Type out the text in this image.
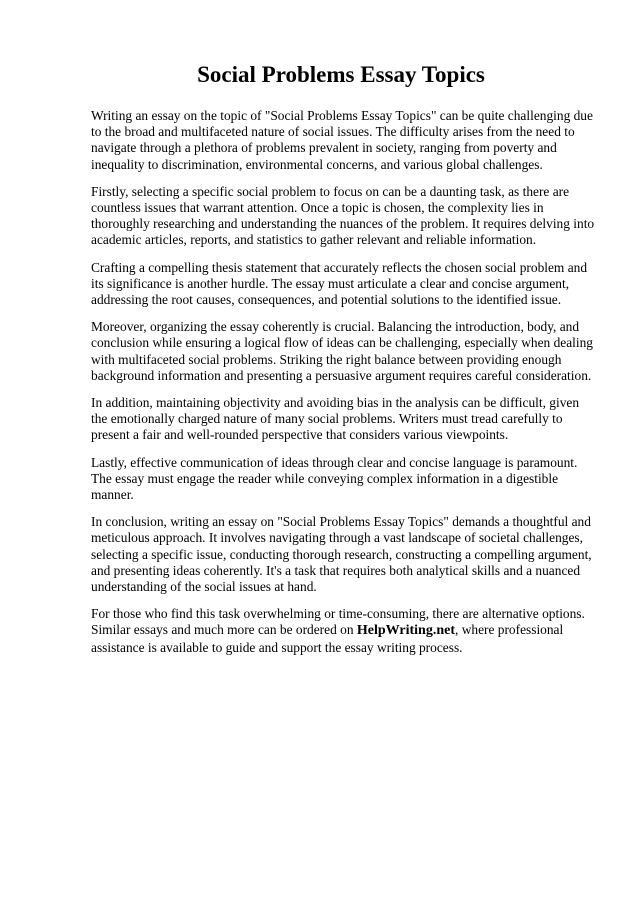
Social Problems Essay Topics

Writing an essay on the topic of "Social Problems Essay Topics" can be quite challenging due to the broad and multifaceted nature of social issues. The difficulty arises from the need to navigate through a plethora of problems prevalent in society, ranging from poverty and inequality to discrimination, environmental concerns, and various global challenges.

Firstly, selecting a specific social problem to focus on can be a daunting task, as there are countless issues that warrant attention. Once a topic is chosen, the complexity lies in thoroughly researching and understanding the nuances of the problem. It requires delving into academic articles, reports, and statistics to gather relevant and reliable information.

Crafting a compelling thesis statement that accurately reflects the chosen social problem and its significance is another hurdle. The essay must articulate a clear and concise argument, addressing the root causes, consequences, and potential solutions to the identified issue.

Moreover, organizing the essay coherently is crucial. Balancing the introduction, body, and conclusion while ensuring a logical flow of ideas can be challenging, especially when dealing with multifaceted social problems. Striking the right balance between providing enough background information and presenting a persuasive argument requires careful consideration.

In addition, maintaining objectivity and avoiding bias in the analysis can be difficult, given the emotionally charged nature of many social problems. Writers must tread carefully to present a fair and well-rounded perspective that considers various viewpoints.

Lastly, effective communication of ideas through clear and concise language is paramount. The essay must engage the reader while conveying complex information in a digestible manner.

In conclusion, writing an essay on "Social Problems Essay Topics" demands a thoughtful and meticulous approach. It involves navigating through a vast landscape of societal challenges, selecting a specific issue, conducting thorough research, constructing a compelling argument, and presenting ideas coherently. It's a task that requires both analytical skills and a nuanced understanding of the social issues at hand.

For those who find this task overwhelming or time-consuming, there are alternative options. Similar essays and much more can be ordered on HelpWriting.net, where professional assistance is available to guide and support the essay writing process.
